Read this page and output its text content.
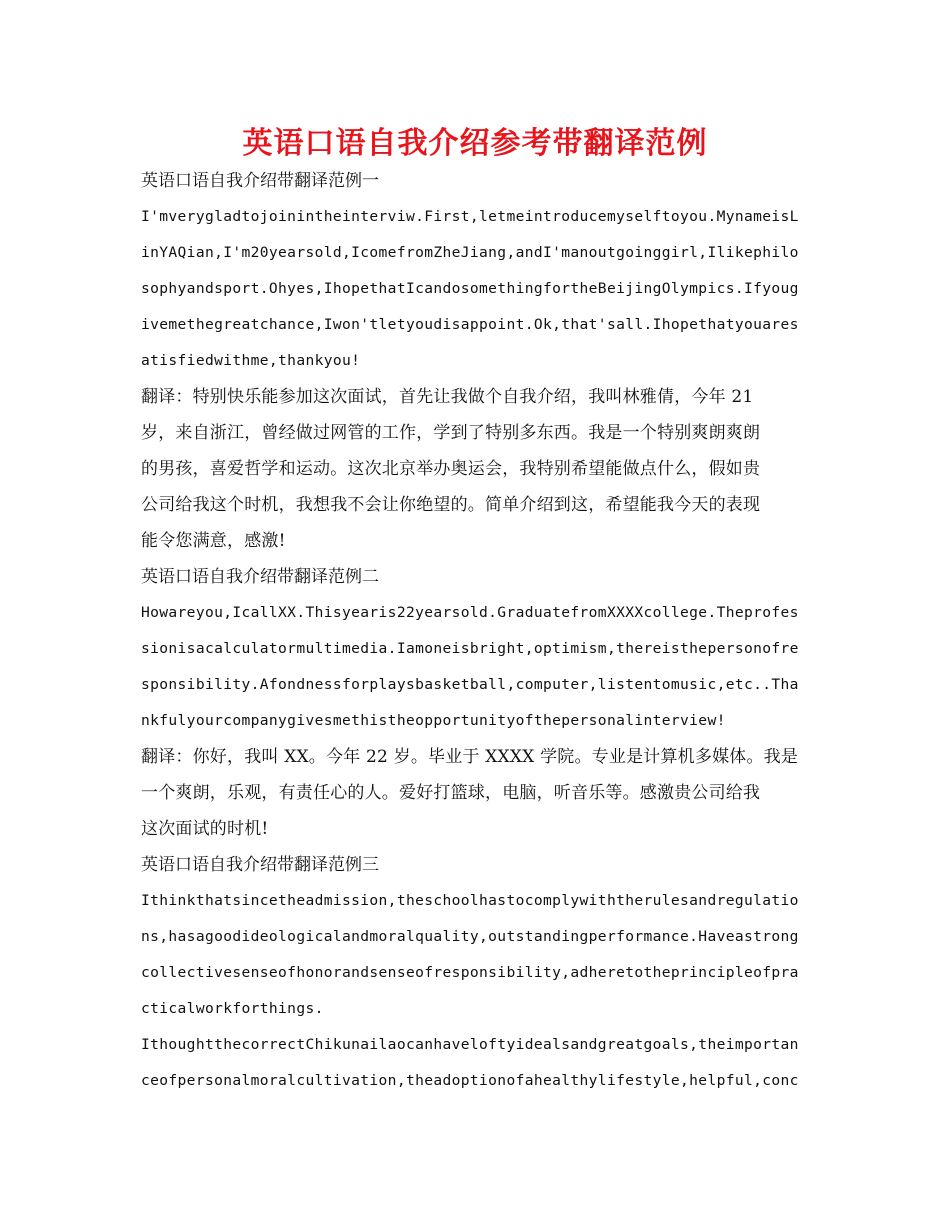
英语口语自我介绍参考带翻译范例
英语口语自我介绍带翻译范例一
I'mverygladtojoinintheinterviw.First,letmeintroducemyselftoyou.MynameisL
inYAQian,I'm20yearsold,IcomefromZheJiang,andI'manoutgoinggirl,Ilikephilo
sophyandsport.Ohyes,IhopethatIcandosomethingfortheBeijingOlympics.Ifyoug
ivemethegreatchance,Iwon'tletyoudisappoint.Ok,that'sall.Ihopethatyouares
atisfiedwithme,thankyou!
翻译：特别快乐能参加这次面试，首先让我做个自我介绍，我叫林雅倩，今年 21
岁，来自浙江，曾经做过网管的工作，学到了特别多东西。我是一个特别爽朗爽朗
的男孩，喜爱哲学和运动。这次北京举办奥运会，我特别希望能做点什么，假如贵
公司给我这个时机，我想我不会让你绝望的。简单介绍到这，希望能我今天的表现
能令您满意，感激!
英语口语自我介绍带翻译范例二
Howareyou,IcallXX.Thisyearis22yearsold.GraduatefromXXXXcollege.Theprofes
sionisacalculatormultimedia.Iamoneisbright,optimism,thereisthepersonofre
sponsibility.Afondnessforplaysbasketball,computer,listentomusic,etc..Tha
nkfulyourcompanygivesmethistheopportunityofthepersonalinterview!
翻译：你好，我叫 XX。今年 22 岁。毕业于 XXXX 学院。专业是计算机多媒体。我是
一个爽朗，乐观，有责任心的人。爱好打篮球，电脑，听音乐等。感激贵公司给我
这次面试的时机!
英语口语自我介绍带翻译范例三
Ithinkthatsincetheadmission,theschoolhastocomplywiththerulesandregulatio
ns,hasagoodideologicalandmoralquality,outstandingperformance.Haveastrong
collectivesenseofhonorandsenseofresponsibility,adheretotheprincipleofpra
cticalworkforthings.
IthoughtthecorrectChikunailaocanhaveloftyidealsandgreatgoals,theimportan
ceofpersonalmoralcultivation,theadoptionofahealthylifestyle,helpful,conc
